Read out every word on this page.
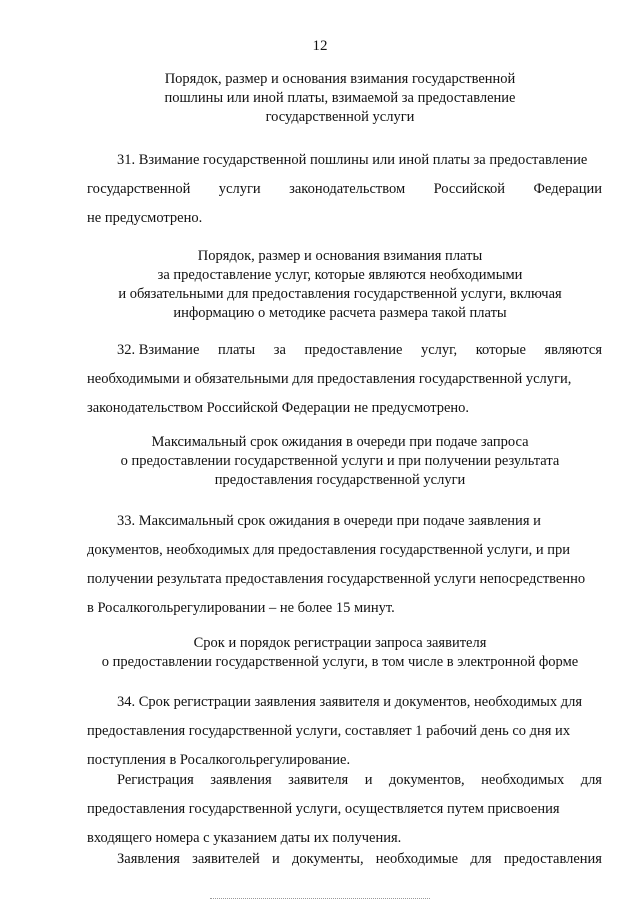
12
Порядок, размер и основания взимания государственной
пошлины или иной платы, взимаемой за предоставление
государственной услуги
31. Взимание государственной пошлины или иной платы за предоставление
государственной услуги законодательством Российской Федерации
не предусмотрено.
Порядок, размер и основания взимания платы
за предоставление услуг, которые являются необходимыми
и обязательными для предоставления государственной услуги, включая
информацию о методике расчета размера такой платы
32. Взимание платы за предоставление услуг, которые являются
необходимыми и обязательными для предоставления государственной услуги,
законодательством Российской Федерации не предусмотрено.
Максимальный срок ожидания в очереди при подаче запроса
о предоставлении государственной услуги и при получении результата
предоставления государственной услуги
33. Максимальный срок ожидания в очереди при подаче заявления и
документов, необходимых для предоставления государственной услуги, и при
получении результата предоставления государственной услуги непосредственно
в Росалкогольрегулировании – не более 15 минут.
Срок и порядок регистрации запроса заявителя
о предоставлении государственной услуги, в том числе в электронной форме
34. Срок регистрации заявления заявителя и документов, необходимых для
предоставления государственной услуги, составляет 1 рабочий день со дня их
поступления в Росалкогольрегулирование.
Регистрация заявления заявителя и документов, необходимых для
предоставления государственной услуги, осуществляется путем присвоения
входящего номера с указанием даты их получения.
Заявления заявителей и документы, необходимые для предоставления
